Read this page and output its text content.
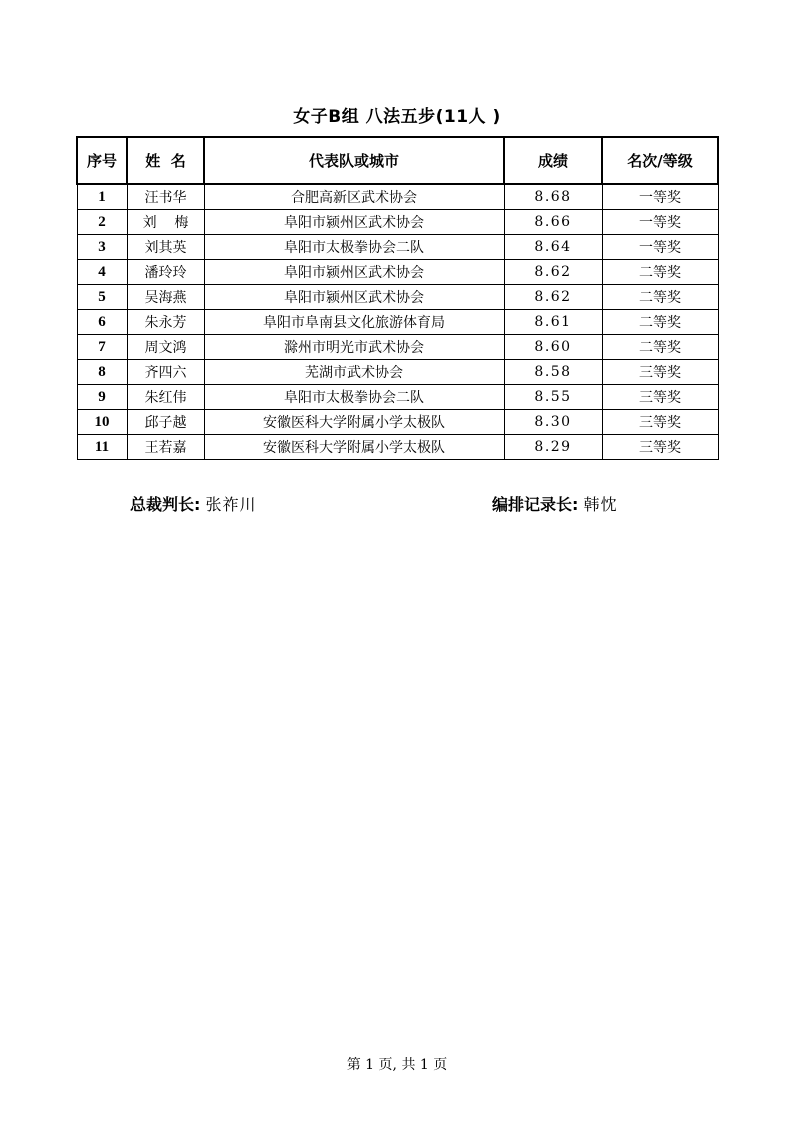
女子B组 八法五步(11人 )
序号	姓  名	代表队或城市	成绩	名次/等级
1	汪书华	合肥高新区武术协会	8.68	一等奖
2	刘    梅	阜阳市颍州区武术协会	8.66	一等奖
3	刘其英	阜阳市太极拳协会二队	8.64	一等奖
4	潘玲玲	阜阳市颍州区武术协会	8.62	二等奖
5	吴海燕	阜阳市颍州区武术协会	8.62	二等奖
6	朱永芳	阜阳市阜南县文化旅游体育局	8.61	二等奖
7	周文鸿	滁州市明光市武术协会	8.60	二等奖
8	齐四六	芜湖市武术协会	8.58	三等奖
9	朱红伟	阜阳市太极拳协会二队	8.55	三等奖
10	邱子越	安徽医科大学附属小学太极队	8.30	三等奖
11	王若嘉	安徽医科大学附属小学太极队	8.29	三等奖
总裁判长: 张祚川	编排记录长: 韩忱
第 1 页, 共 1 页
